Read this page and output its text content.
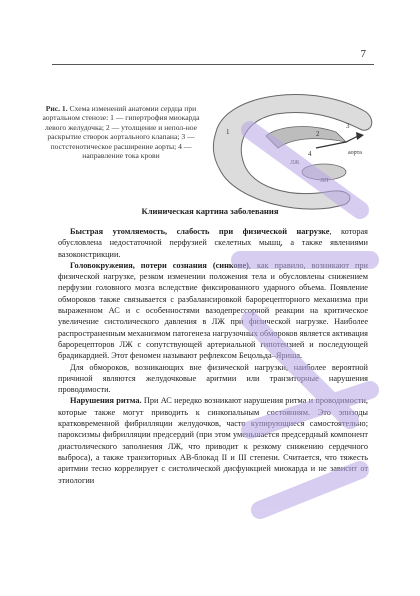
7
Рис. 1. Схема изменений анатомии сердца при аортальном стенозе: 1 — гипертрофия миокарда левого желудочка; 2 — утолщение и непол-ное раскрытие створок аортального клапана; 3 — постстенотическое расширение аорты; 4 — направление тока крови
1	2
3
4	аорта
ЛЖ
ЛП
Клиническая картина заболевания

Быстрая утомляемость, слабость при физической нагрузке, которая обусловлена недостаточной перфузией скелетных мышц, а также явлениями вазоконстрикции.

Головокружения, потери сознания (синкопе), как правило, возникают при физической нагрузке, резком изменении положения тела и обусловлены снижением перфузии головного мозга вследствие фиксированного ударного объема. Появление обмороков также связывается с разбалансировкой барорецепторного механизма при выраженном АС и с особенностями вазодепрессорной реакции на критическое увеличение систолического давления в ЛЖ при физической нагрузке. Наиболее распространенным механизмом патогенеза нагрузочных обмороков является активация барорецепторов ЛЖ с сопутствующей артериальной гипотензией и последующей брадикардией. Этот феномен называют рефлексом Бецольда–Яриша.

Для обмороков, возникающих вне физической нагрузки, наиболее вероятной причиной являются желудочковые аритмии или транзиторные нарушения проводимости.

Нарушения ритма. При АС нередко возникают нарушения ритма и проводимости, которые также могут приводить к синкопальным состояниям. Это эпизоды кратковременной фибрилляции желудочков, часто купирующиеся самостоятельно; пароксизмы фибрилляции предсердий (при этом уменьшается предсердный компонент диастолического заполнения ЛЖ, что приводит к резкому снижению сердечного выброса), а также транзиторных АВ-блокад II и III степени. Считается, что тяжесть аритмии тесно коррелирует с систолической дисфункцией миокарда и не зависит от этиологии
